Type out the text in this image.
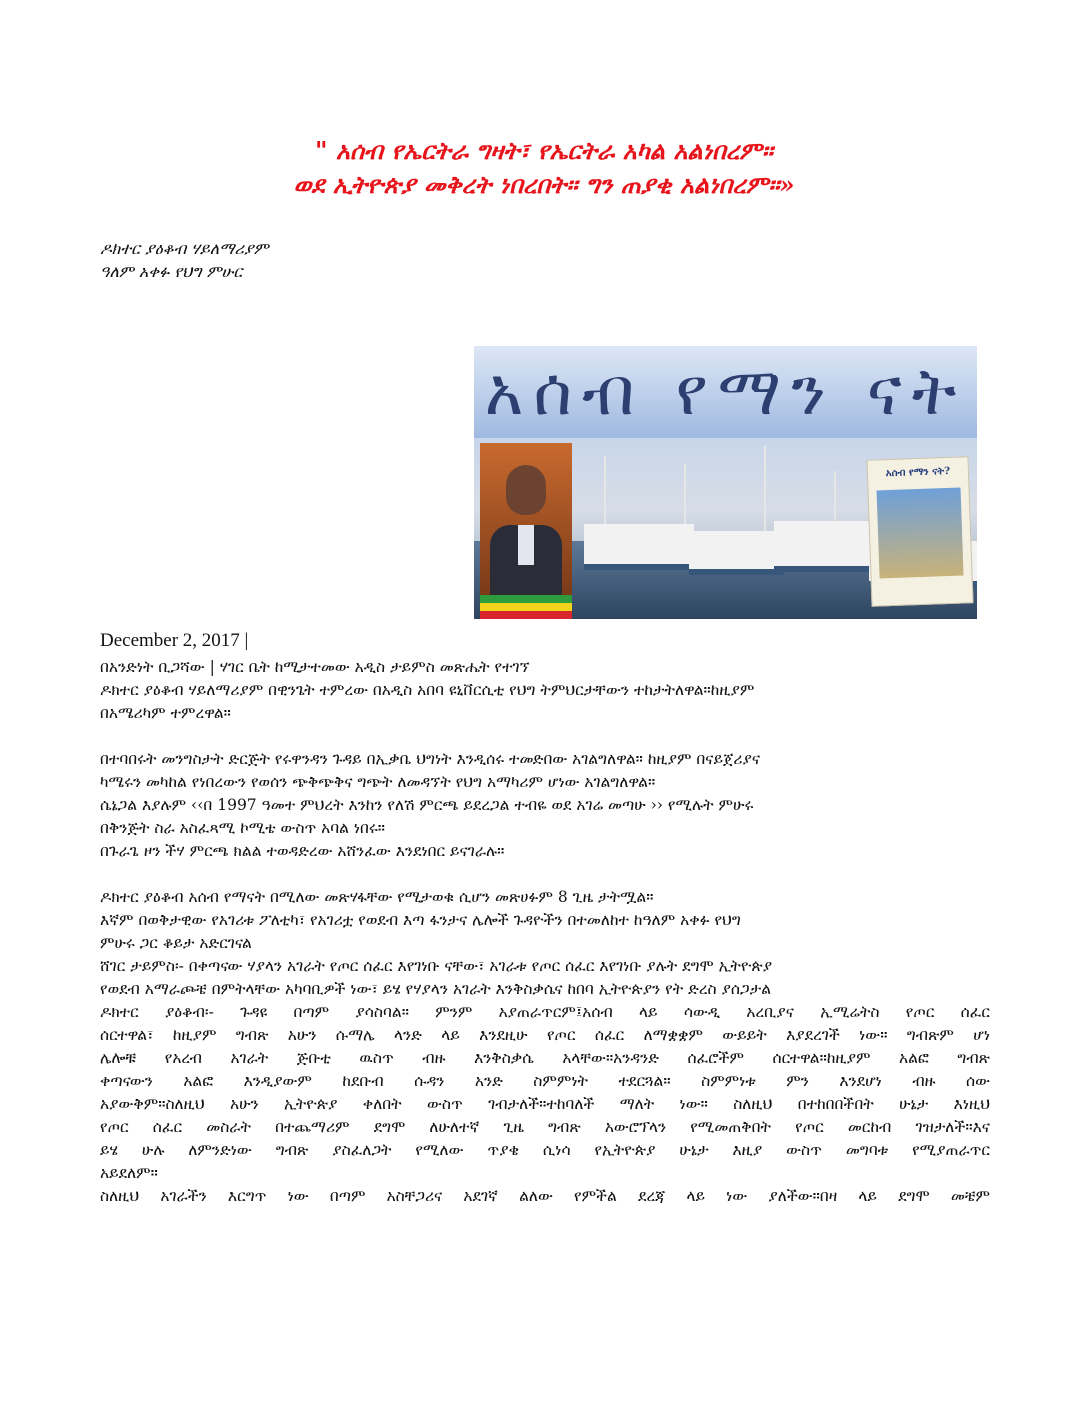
" አሰብ የኤርትራ ግዛት፣ የኤርትራ አካል አልነበረም።
ወደ ኢትዮጵያ መቅረት ነበረበት። ግን ጠያቂ አልነበረም።»
ዶክተር ያዕቆብ ሃይለማሪያም
ዓለም አቀፉ የህግ ምሁር
አሰብ የማን ናት
አሰብ የማን ናት?
December 2, 2017 |

በአንድነት ቢጋሻው | ሃገር ቤት ከሚታተመው አዲስ ታይምስ መጽሔት የተገኘ

ዶክተር ያዕቆብ ሃይለማሪያም በዊንጌት ተምረው በአዲስ አበባ ዩኒቨርሲቲ የህግ ትምህርታቸውን ተከታትለዋል።ከዚያም

በአሜሪካም ተምረዋል።

በተባበሩት መንግስታት ድርጅት የሩዋንዳን ጉዳይ በኢቃቤ ህግነት እንዲሰሩ ተመድበው አገልግለዋል። ከዚያም በናይጀሪያና

ካሜሩን መካከል የነበረውን የወሰን ጭቅጭቅና ግጭት ለመዳኘት የህግ አማካሪም ሆነው አገልግለዋል።

ሴኔጋል እያሉም ‹‹በ 1997 ዓመተ ምህረት እንከን የለሽ ምርጫ ይደረጋል ተብዬ ወደ አገሬ መጣሁ ›› የሚሉት ምሁሩ

በቅንጅት ስራ አስፈጻሚ ኮሚቴ ውስጥ አባል ነበሩ።

በጉራጌ ዞን ችሃ ምርጫ ክልል ተወዳድረው አሸንፈው እንደነበር ይናገራሉ።

ዶክተር ያዕቆብ አሰብ የማናት በሚለው መጽሃፋቸው የሚታወቁ ሲሆን መጽሀፉም 8 ጊዜ ታትሟል።

እኛም በወቅታዊው የአገሪቱ ፖለቲካ፣ የአገሪቷ የወደብ እጣ ፋንታና ሌሎች ጉዳዮችን በተመለከተ ከዓለም አቀፉ የህግ

ምሁሩ ጋር ቆይታ አድርገናል

ሸገር ታይምስ፡- በቀጣናው ሃያላን አገራት የጦር ሰፈር እየገነቡ ናቸው፣ አገራቱ የጦር ሰፈር እየገነቡ ያሉት ደግሞ ኢትዮጵያ

የወደብ አማራጮቼ በምትላቸው አካባቢዎች ነው፣ ይሄ የሃያላን አገራት እንቅስቃሴና ከበባ ኢትዮጵያን የት ድረስ ያሰጋታል

ዶክተር ያዕቆብ፡- ጉዳዩ በጣም ያሳስባል። ምንም አያጠራጥርም፤አሰብ ላይ ሳውዲ አረቢያና ኢሚሬትስ የጦር ሰፈር

ሰርተዋል፣ ከዚያም ግብጽ አሁን ሱማሌ ላንድ ላይ እንደዚሁ የጦር ሰፈር ለማቋቋም ውይይት እያደረገች ነው። ግብጽም ሆነ

ሌሎቹ የአረብ አገራት ጅቡቲ ዉስጥ ብዙ እንቅስቃሴ አላቸው።አንዳንድ ሰፈሮችም ሰርተዋል።ከዚያም አልፎ ግብጽ

ቀጣናውን አልፎ እንዲያውም ከደቡብ ሱዳን አንድ ስምምነት ተደርጓል። ስምምነቱ ምን እንደሆነ ብዙ ሰው

አያውቅም።ስለዚህ አሁን ኢትዮጵያ ቀለበት ውስጥ ገብታለች።ተከባለች ማለት ነው። ስለዚህ በተከበበችበት ሁኔታ እነዚህ

የጦር ሰፈር መስራት በተጨማሪም ደግሞ ለሁለተኛ ጊዜ ግብጽ አውሮፕላን የሚመጠቅበት የጦር መርከብ ገዝታለች።እና

ይሄ ሁሉ ለምንድነው ግብጽ ያስፈለጋት የሚለው ጥያቄ ሲነሳ የኢትዮጵያ ሁኔታ እዚያ ውስጥ መግባቱ የሚያጠራጥር

አይደለም።

ስለዚህ አገራችን እርግጥ ነው በጣም አስቸጋሪና አደገኛ ልለው የምችል ደረጃ ላይ ነው ያለችው።በዛ ላይ ደግሞ መቼም
